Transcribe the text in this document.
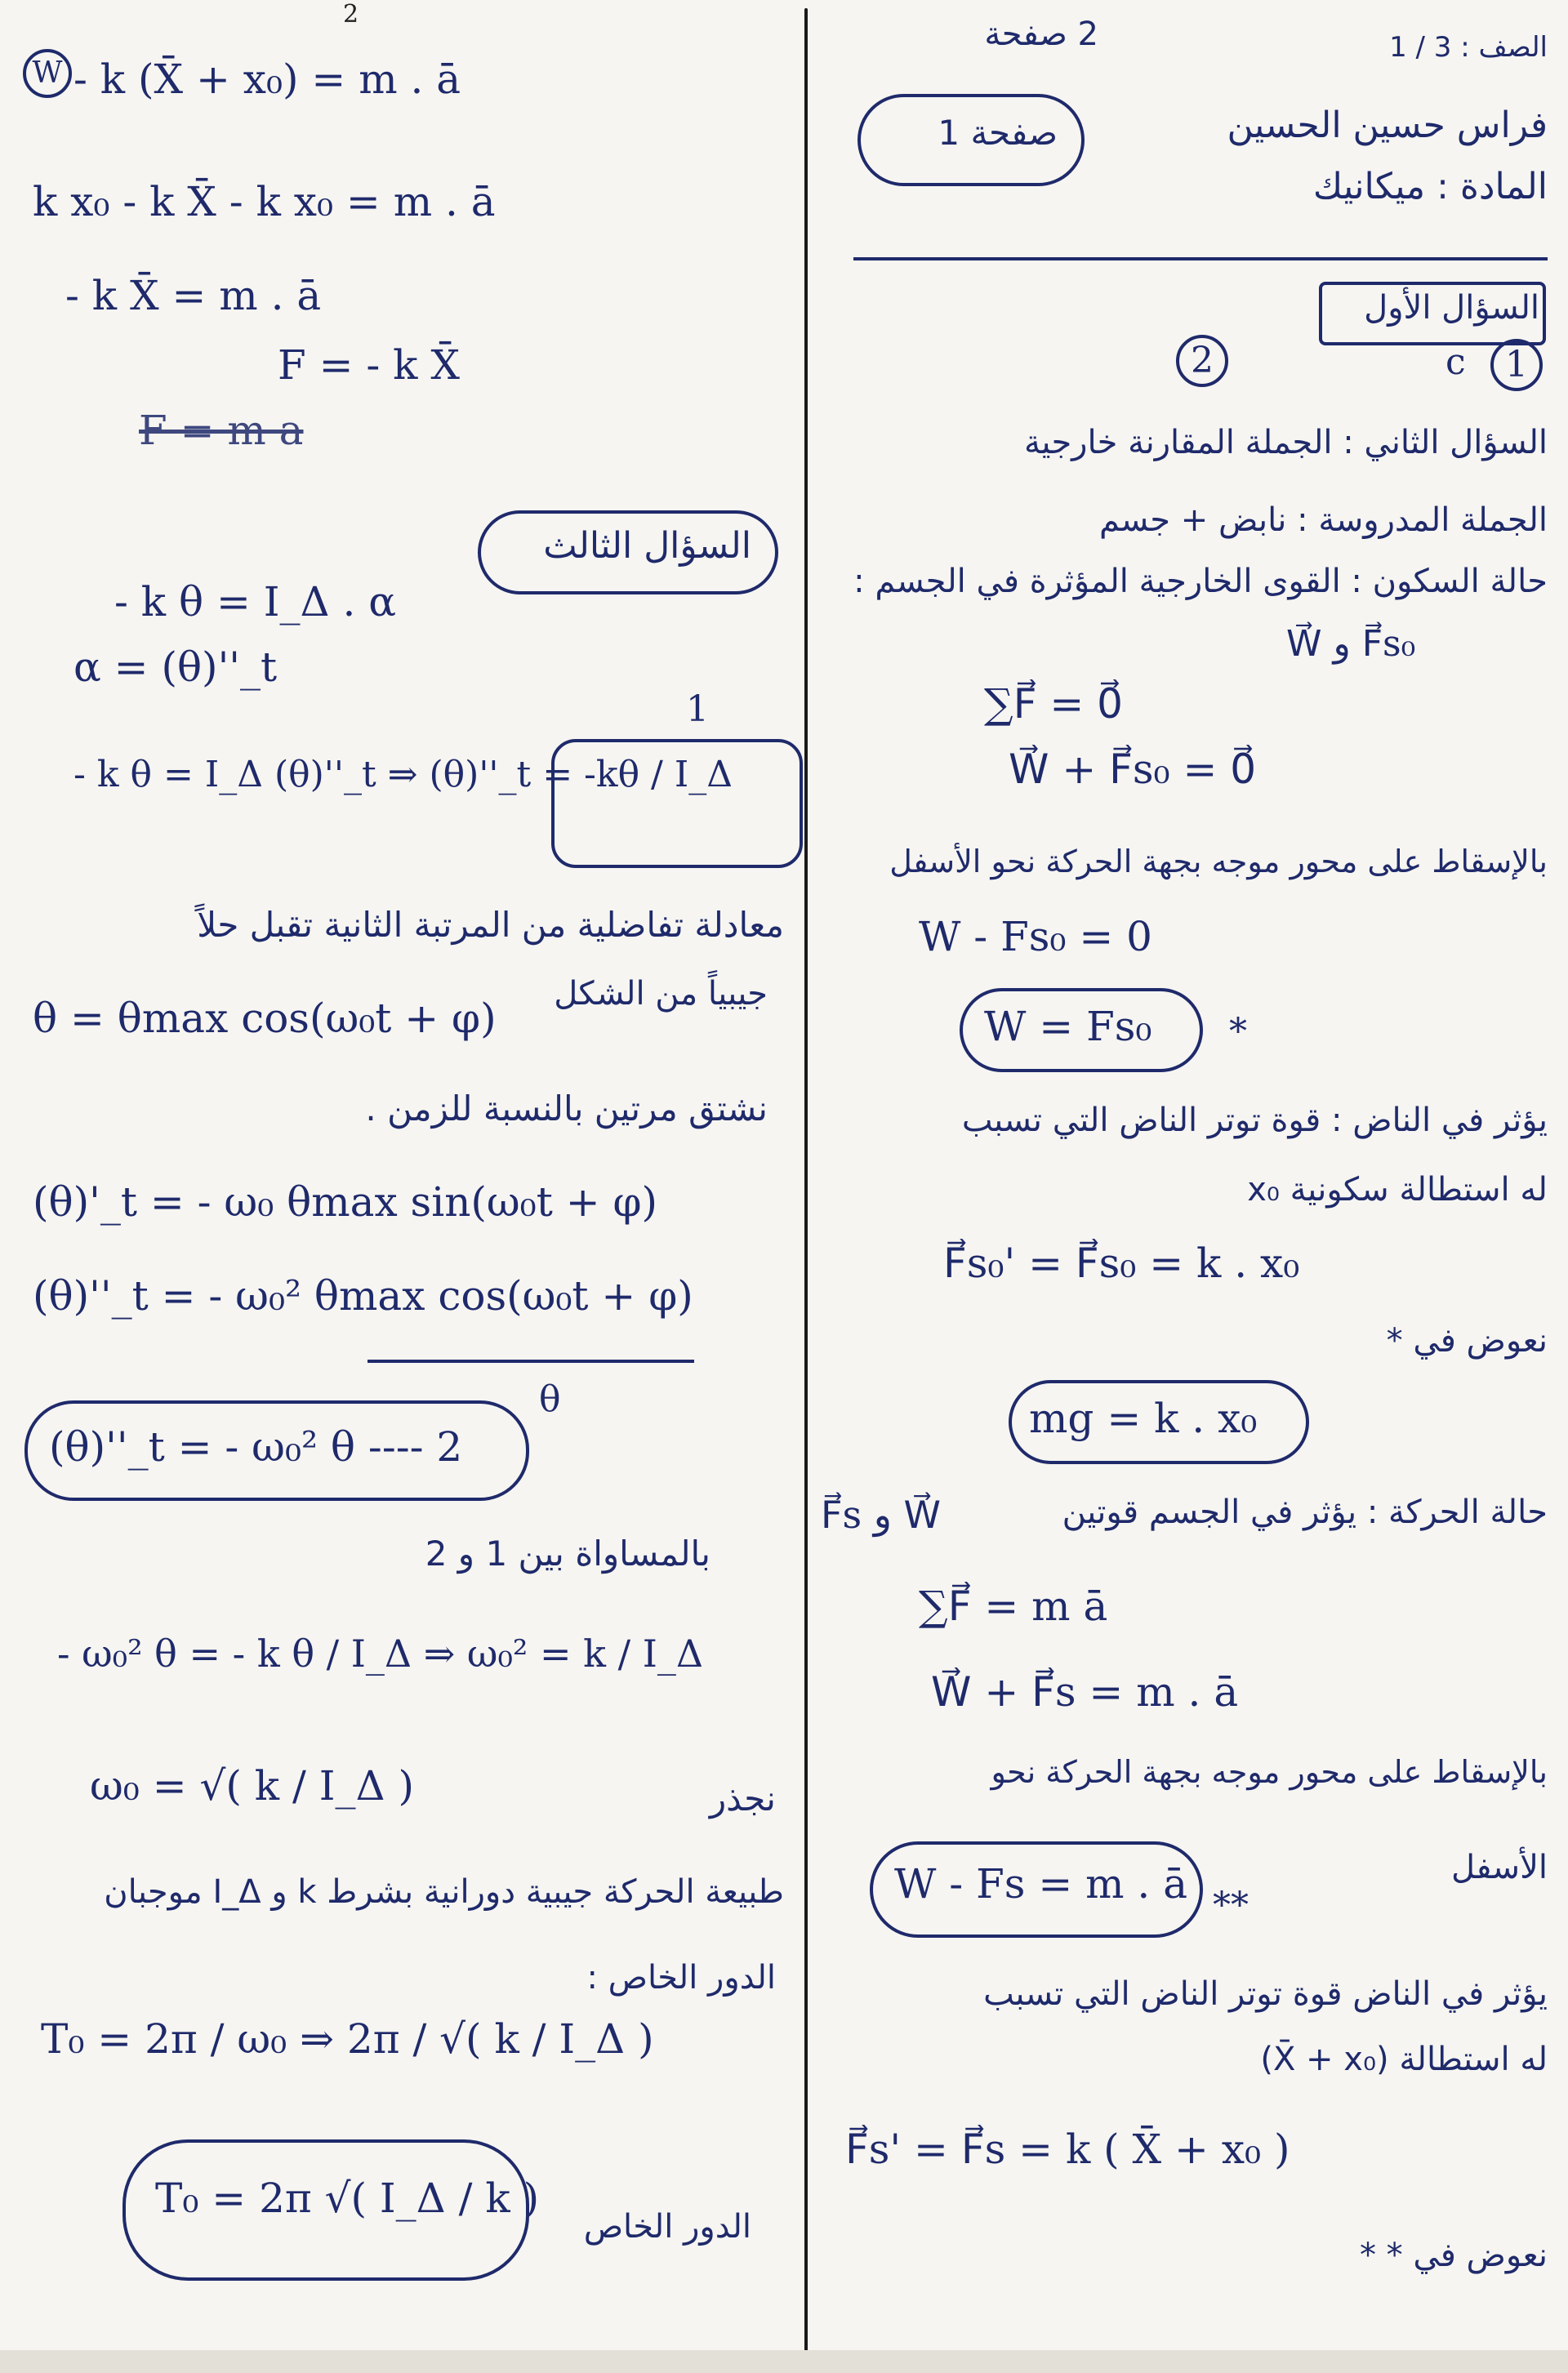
2
W - k (X̄ + x₀) = m . ā
k x₀ - k X̄ - k x₀ = m . ā
- k X̄ = m . ā
F = - k X̄
F = m a
السؤال الثالث
- k θ = I_Δ . α
α = (θ)''_t
1
- k θ = I_Δ (θ)''_t ⇒ (θ)''_t = -kθ / I_Δ
معادلة تفاضلية من المرتبة الثانية تقبل حلاً
θ = θmax cos(ω₀t + φ)
جيبياً من الشكل
نشتق مرتين بالنسبة للزمن .
(θ)'_t = - ω₀ θmax sin(ω₀t + φ)
(θ)''_t = - ω₀² θmax cos(ω₀t + φ)
θ
(θ)''_t = - ω₀² θ ---- 2
بالمساواة بين 1 و 2
- ω₀² θ = - k θ / I_Δ ⇒ ω₀² = k / I_Δ
ω₀ = √( k / I_Δ )	نجذر
طبيعة الحركة جيبية دورانية بشرط k و I_Δ موجبان
الدور الخاص :
T₀ = 2π / ω₀ ⇒ 2π / √( k / I_Δ )
T₀ = 2π √( I_Δ / k )
الدور الخاص
2 صفحة	الصف : 3 / 1
صفحة 1	فراس حسين الحسين
المادة : ميكانيك
السؤال الأول
2	c	1
السؤال الثاني : الجملة المقارنة خارجية
الجملة المدروسة : نابض + جسم
حالة السكون : القوى الخارجية المؤثرة في الجسم :
W⃗ و F⃗s₀
∑F⃗ = 0⃗
W⃗ + F⃗s₀ = 0⃗
بالإسقاط على محور موجه بجهة الحركة نحو الأسفل
W - Fs₀ = 0
W = Fs₀ *
يؤثر في الناض : قوة توتر الناض التي تسبب
له استطالة سكونية x₀
F⃗s₀' = F⃗s₀ = k . x₀
نعوض في *
mg = k . x₀
حالة الحركة : يؤثر في الجسم قوتين
F⃗s و W⃗
∑F⃗ = m ā
W⃗ + F⃗s = m . ā
بالإسقاط على محور موجه بجهة الحركة نحو
الأسفل
W - Fs = m . ā **
يؤثر في الناض قوة توتر الناض التي تسبب
له استطالة (X̄ + x₀)
F⃗s' = F⃗s = k ( X̄ + x₀ )
نعوض في * *
